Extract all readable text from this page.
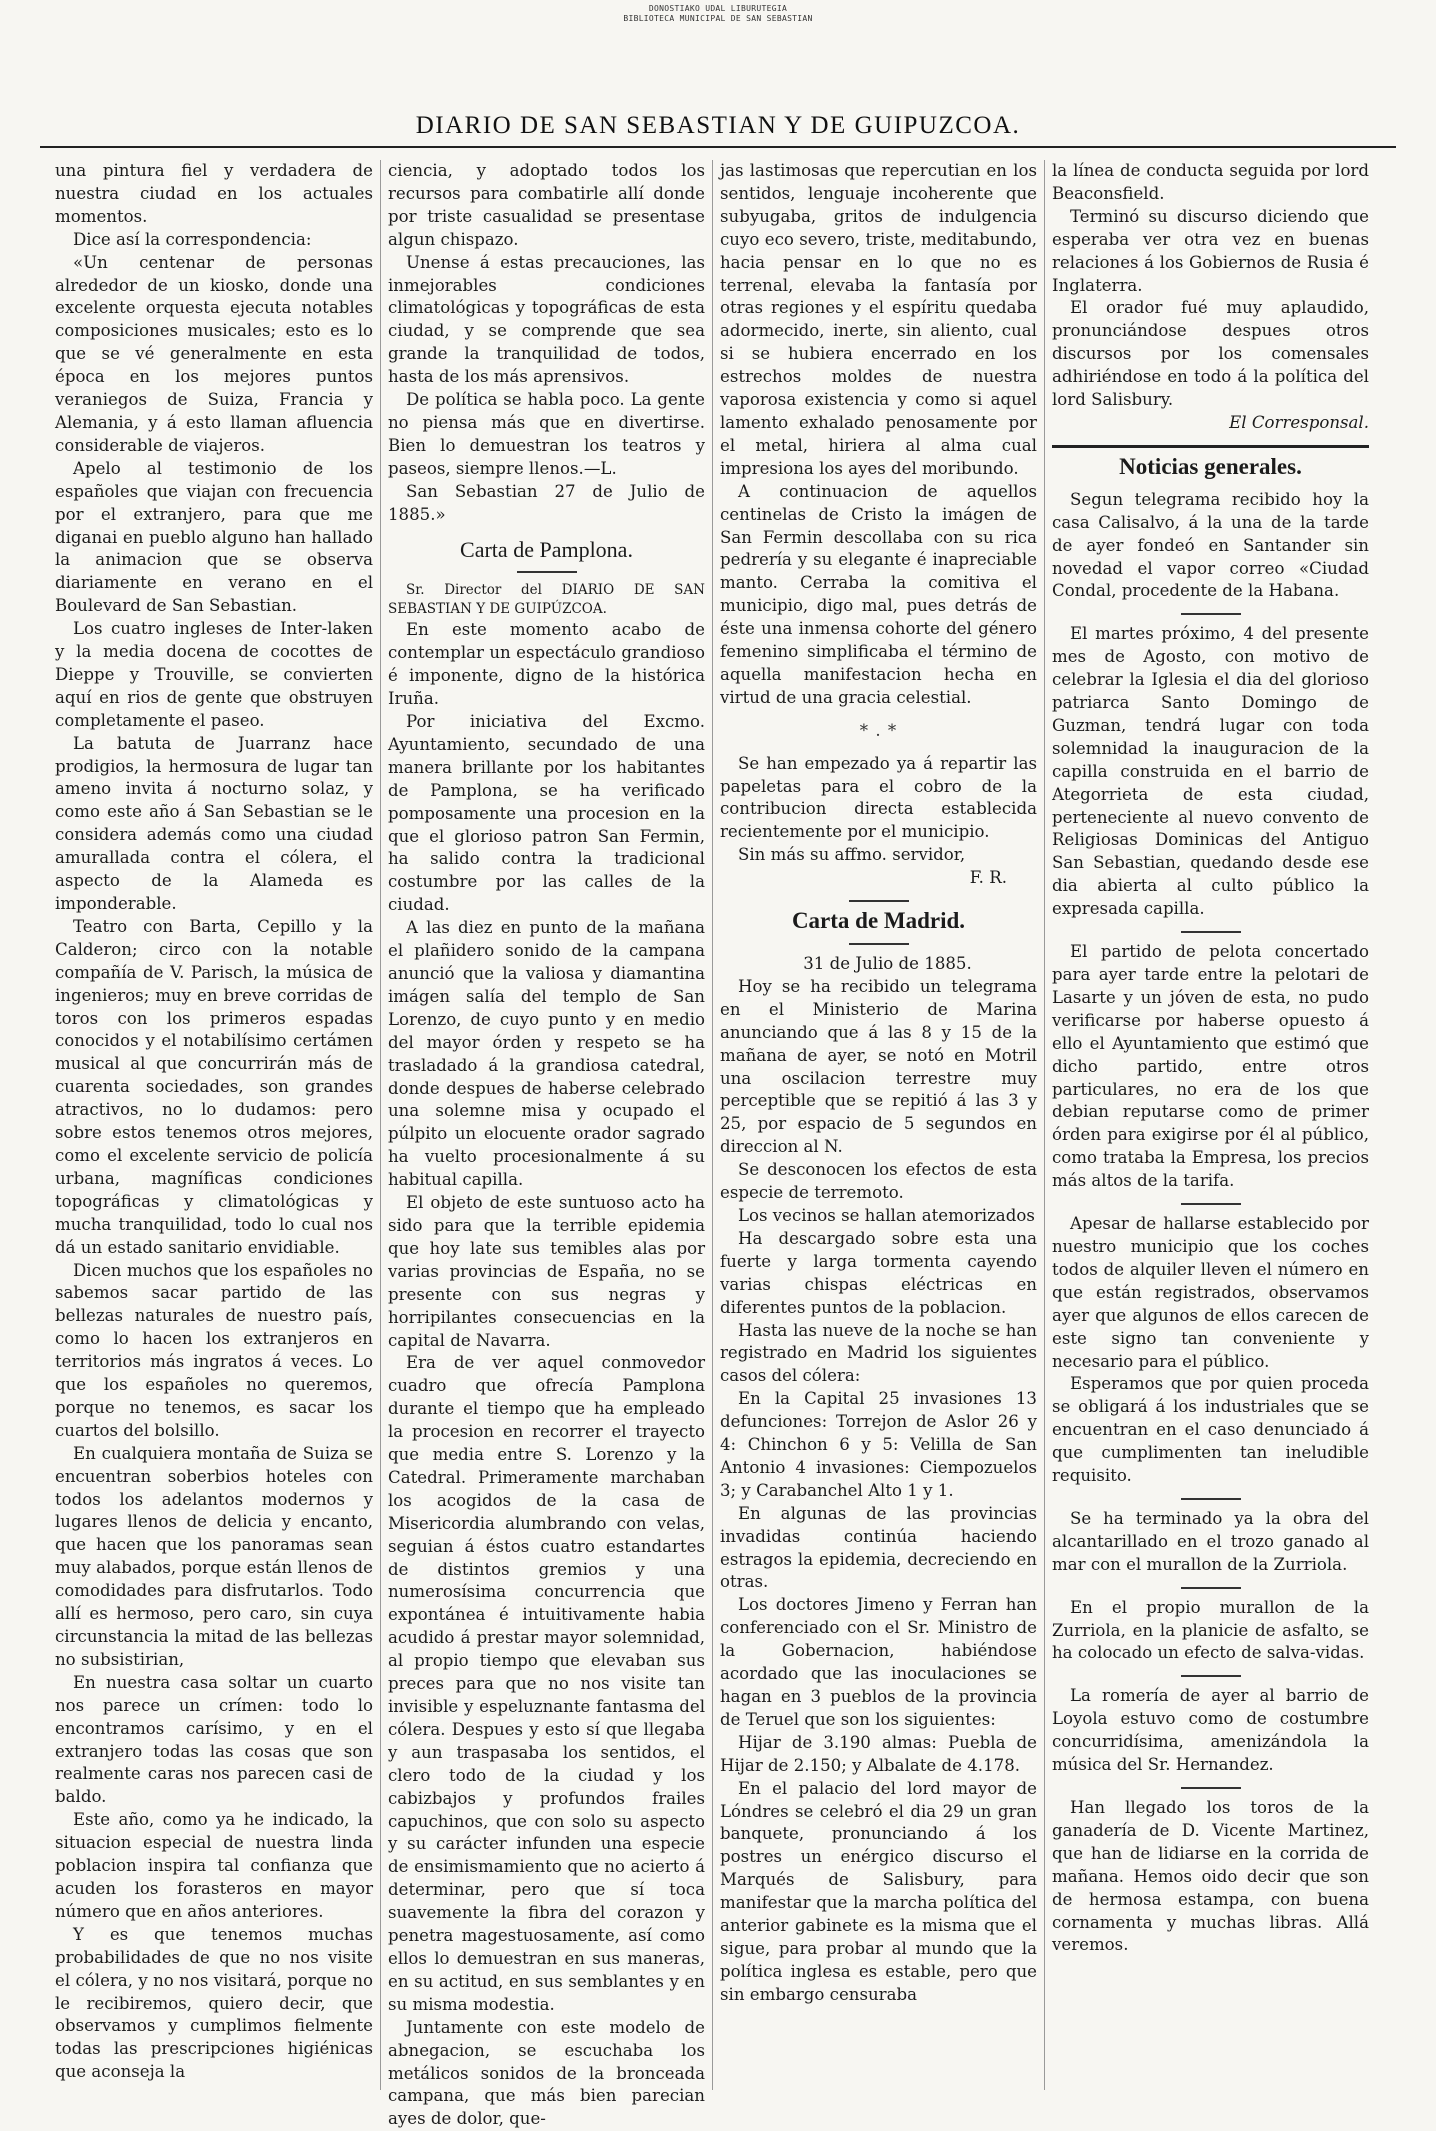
DONOSTIAKO UDAL LIBURUTEGIA
BIBLIOTECA MUNICIPAL DE SAN SEBASTIAN
DIARIO DE SAN SEBASTIAN Y DE GUIPUZCOA.

una pintura fiel y verdadera de nuestra ciudad en los actuales momentos.

Dice así la correspondencia:

«Un centenar de personas alrededor de un kiosko, donde una excelente orquesta ejecuta notables composiciones musicales; esto es lo que se vé generalmente en esta época en los mejores puntos veraniegos de Suiza, Francia y Alemania, y á esto llaman afluencia considerable de viajeros.

Apelo al testimonio de los españoles que viajan con frecuencia por el extranjero, para que me diganai en pueblo alguno han hallado la animacion que se observa diariamente en verano en el Boulevard de San Sebastian.

Los cuatro ingleses de Inter-laken y la media docena de cocottes de Dieppe y Trouville, se convierten aquí en rios de gente que obstruyen completamente el paseo.

La batuta de Juarranz hace prodigios, la hermosura de lugar tan ameno invita á nocturno solaz, y como este año á San Sebastian se le considera además como una ciudad amurallada contra el cólera, el aspecto de la Alameda es imponderable.

Teatro con Barta, Cepillo y la Calderon; circo con la notable compañía de V. Parisch, la música de ingenieros; muy en breve corridas de toros con los primeros espadas conocidos y el notabilísimo certámen musical al que concurrirán más de cuarenta sociedades, son grandes atractivos, no lo dudamos: pero sobre estos tenemos otros mejores, como el excelente servicio de policía urbana, magníficas condiciones topográficas y climatológicas y mucha tranquilidad, todo lo cual nos dá un estado sanitario envidiable.

Dicen muchos que los españoles no sabemos sacar partido de las bellezas naturales de nuestro país, como lo hacen los extranjeros en territorios más ingratos á veces. Lo que los españoles no queremos, porque no tenemos, es sacar los cuartos del bolsillo.

En cualquiera montaña de Suiza se encuentran soberbios hoteles con todos los adelantos modernos y lugares llenos de delicia y encanto, que hacen que los panoramas sean muy alabados, porque están llenos de comodidades para disfrutarlos. Todo allí es hermoso, pero caro, sin cuya circunstancia la mitad de las bellezas no subsistirian,

En nuestra casa soltar un cuarto nos parece un crímen: todo lo encontramos carísimo, y en el extranjero todas las cosas que son realmente caras nos parecen casi de baldo.

Este año, como ya he indicado, la situacion especial de nuestra linda poblacion inspira tal confianza que acuden los forasteros en mayor número que en años anteriores.

Y es que tenemos muchas probabilidades de que no nos visite el cólera, y no nos visitará, porque no le recibiremos, quiero decir, que observamos y cumplimos fielmente todas las prescripciones higiénicas que aconseja la

ciencia, y adoptado todos los recursos para combatirle allí donde por triste casualidad se presentase algun chispazo.

Unense á estas precauciones, las inmejorables condiciones climatológicas y topográficas de esta ciudad, y se comprende que sea grande la tranquilidad de todos, hasta de los más aprensivos.

De política se habla poco. La gente no piensa más que en divertirse. Bien lo demuestran los teatros y paseos, siempre llenos.—L.

San Sebastian 27 de Julio de 1885.»

Carta de Pamplona.

Sr. Director del DIARIO DE SAN SEBASTIAN Y DE GUIPÚZCOA.

En este momento acabo de contemplar un espectáculo grandioso é imponente, digno de la histórica Iruña.

Por iniciativa del Excmo. Ayuntamiento, secundado de una manera brillante por los habitantes de Pamplona, se ha verificado pomposamente una procesion en la que el glorioso patron San Fermin, ha salido contra la tradicional costumbre por las calles de la ciudad.

A las diez en punto de la mañana el plañidero sonido de la campana anunció que la valiosa y diamantina imágen salía del templo de San Lorenzo, de cuyo punto y en medio del mayor órden y respeto se ha trasladado á la grandiosa catedral, donde despues de haberse celebrado una solemne misa y ocupado el púlpito un elocuente orador sagrado ha vuelto procesionalmente á su habitual capilla.

El objeto de este suntuoso acto ha sido para que la terrible epidemia que hoy late sus temibles alas por varias provincias de España, no se presente con sus negras y horripilantes consecuencias en la capital de Navarra.

Era de ver aquel conmovedor cuadro que ofrecía Pamplona durante el tiempo que ha empleado la procesion en recorrer el trayecto que media entre S. Lorenzo y la Catedral. Primeramente marchaban los acogidos de la casa de Misericordia alumbrando con velas, seguian á éstos cuatro estandartes de distintos gremios y una numerosísima concurrencia que expontánea é intuitivamente habia acudido á prestar mayor solemnidad, al propio tiempo que elevaban sus preces para que no nos visite tan invisible y espeluznante fantasma del cólera. Despues y esto sí que llegaba y aun traspasaba los sentidos, el clero todo de la ciudad y los cabizbajos y profundos frailes capuchinos, que con solo su aspecto y su carácter infunden una especie de ensimismamiento que no acierto á determinar, pero que sí toca suavemente la fibra del corazon y penetra magestuosamente, así como ellos lo demuestran en sus maneras, en su actitud, en sus semblantes y en su misma modestia.

Juntamente con este modelo de abnegacion, se escuchaba los metálicos sonidos de la bronceada campana, que más bien parecian ayes de dolor, que-

jas lastimosas que repercutian en los sentidos, lenguaje incoherente que subyugaba, gritos de indulgencia cuyo eco severo, triste, meditabundo, hacia pensar en lo que no es terrenal, elevaba la fantasía por otras regiones y el espíritu quedaba adormecido, inerte, sin aliento, cual si se hubiera encerrado en los estrechos moldes de nuestra vaporosa existencia y como si aquel lamento exhalado penosamente por el metal, hiriera al alma cual impresiona los ayes del moribundo.

A continuacion de aquellos centinelas de Cristo la imágen de San Fermin descollaba con su rica pedrería y su elegante é inapreciable manto. Cerraba la comitiva el municipio, digo mal, pues detrás de éste una inmensa cohorte del género femenino simplificaba el término de aquella manifestacion hecha en virtud de una gracia celestial.

* . *

Se han empezado ya á repartir las papeletas para el cobro de la contribucion directa establecida recientemente por el municipio.

Sin más su affmo. servidor,

F. R.

Carta de Madrid.

31 de Julio de 1885.

Hoy se ha recibido un telegrama en el Ministerio de Marina anunciando que á las 8 y 15 de la mañana de ayer, se notó en Motril una oscilacion terrestre muy perceptible que se repitió á las 3 y 25, por espacio de 5 segundos en direccion al N.

Se desconocen los efectos de esta especie de terremoto.

Los vecinos se hallan atemorizados

Ha descargado sobre esta una fuerte y larga tormenta cayendo varias chispas eléctricas en diferentes puntos de la poblacion.

Hasta las nueve de la noche se han registrado en Madrid los siguientes casos del cólera:

En la Capital 25 invasiones 13 defunciones: Torrejon de Aslor 26 y 4: Chinchon 6 y 5: Velilla de San Antonio 4 invasiones: Ciempozuelos 3; y Carabanchel Alto 1 y 1.

En algunas de las provincias invadidas continúa haciendo estragos la epidemia, decreciendo en otras.

Los doctores Jimeno y Ferran han conferenciado con el Sr. Ministro de la Gobernacion, habiéndose acordado que las inoculaciones se hagan en 3 pueblos de la provincia de Teruel que son los siguientes:

Hijar de 3.190 almas: Puebla de Hijar de 2.150; y Albalate de 4.178.

En el palacio del lord mayor de Lóndres se celebró el dia 29 un gran banquete, pronunciando á los postres un enérgico discurso el Marqués de Salisbury, para manifestar que la marcha política del anterior gabinete es la misma que el sigue, para probar al mundo que la política inglesa es estable, pero que sin embargo censuraba

la línea de conducta seguida por lord Beaconsfield.

Terminó su discurso diciendo que esperaba ver otra vez en buenas relaciones á los Gobiernos de Rusia é Inglaterra.

El orador fué muy aplaudido, pronunciándose despues otros discursos por los comensales adhiriéndose en todo á la política del lord Salisbury.

El Corresponsal.

Noticias generales.

Segun telegrama recibido hoy la casa Calisalvo, á la una de la tarde de ayer fondeó en Santander sin novedad el vapor correo «Ciudad Condal, procedente de la Habana.

El martes próximo, 4 del presente mes de Agosto, con motivo de celebrar la Iglesia el dia del glorioso patriarca Santo Domingo de Guzman, tendrá lugar con toda solemnidad la inauguracion de la capilla construida en el barrio de Ategorrieta de esta ciudad, perteneciente al nuevo convento de Religiosas Dominicas del Antiguo San Sebastian, quedando desde ese dia abierta al culto público la expresada capilla.

El partido de pelota concertado para ayer tarde entre la pelotari de Lasarte y un jóven de esta, no pudo verificarse por haberse opuesto á ello el Ayuntamiento que estimó que dicho partido, entre otros particulares, no era de los que debian reputarse como de primer órden para exigirse por él al público, como trataba la Empresa, los precios más altos de la tarifa.

Apesar de hallarse establecido por nuestro municipio que los coches todos de alquiler lleven el número en que están registrados, observamos ayer que algunos de ellos carecen de este signo tan conveniente y necesario para el público.

Esperamos que por quien proceda se obligará á los industriales que se encuentran en el caso denunciado á que cumplimenten tan ineludible requisito.

Se ha terminado ya la obra del alcantarillado en el trozo ganado al mar con el murallon de la Zurriola.

En el propio murallon de la Zurriola, en la planicie de asfalto, se ha colocado un efecto de salva-vidas.

La romería de ayer al barrio de Loyola estuvo como de costumbre concurridísima, amenizándola la música del Sr. Hernandez.

Han llegado los toros de la ganadería de D. Vicente Martinez, que han de lidiarse en la corrida de mañana. Hemos oido decir que son de hermosa estampa, con buena cornamenta y muchas libras. Allá veremos.
